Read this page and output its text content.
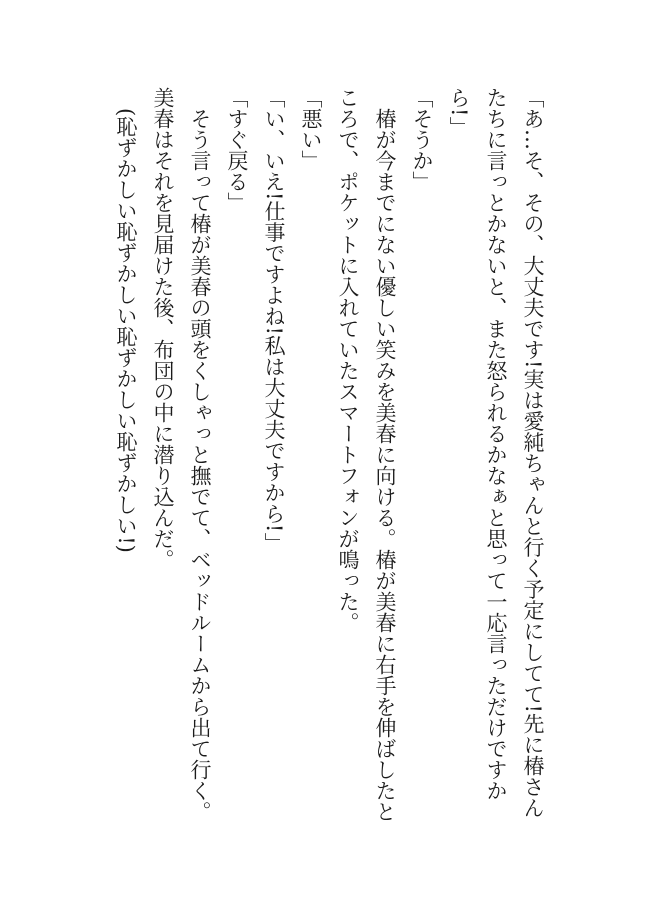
「あ…そ、その、大丈夫です!実は愛純ちゃんと行く予定にしてて!先に椿さんたちに言っとかないと、また怒られるかなぁと思って一応言っただけですから!」

「そうか」

椿が今までにない優しい笑みを美春に向ける。椿が美春に右手を伸ばしたところで、ポケットに入れていたスマートフォンが鳴った。

「悪い」

「い、いえ!仕事ですよね!私は大丈夫ですから!」

「すぐ戻る」

そう言って椿が美春の頭をくしゃっと撫でて、ベッドルームから出て行く。

美春はそれを見届けた後、布団の中に潜り込んだ。

(恥ずかしい恥ずかしい恥ずかしい恥ずかしい!)
